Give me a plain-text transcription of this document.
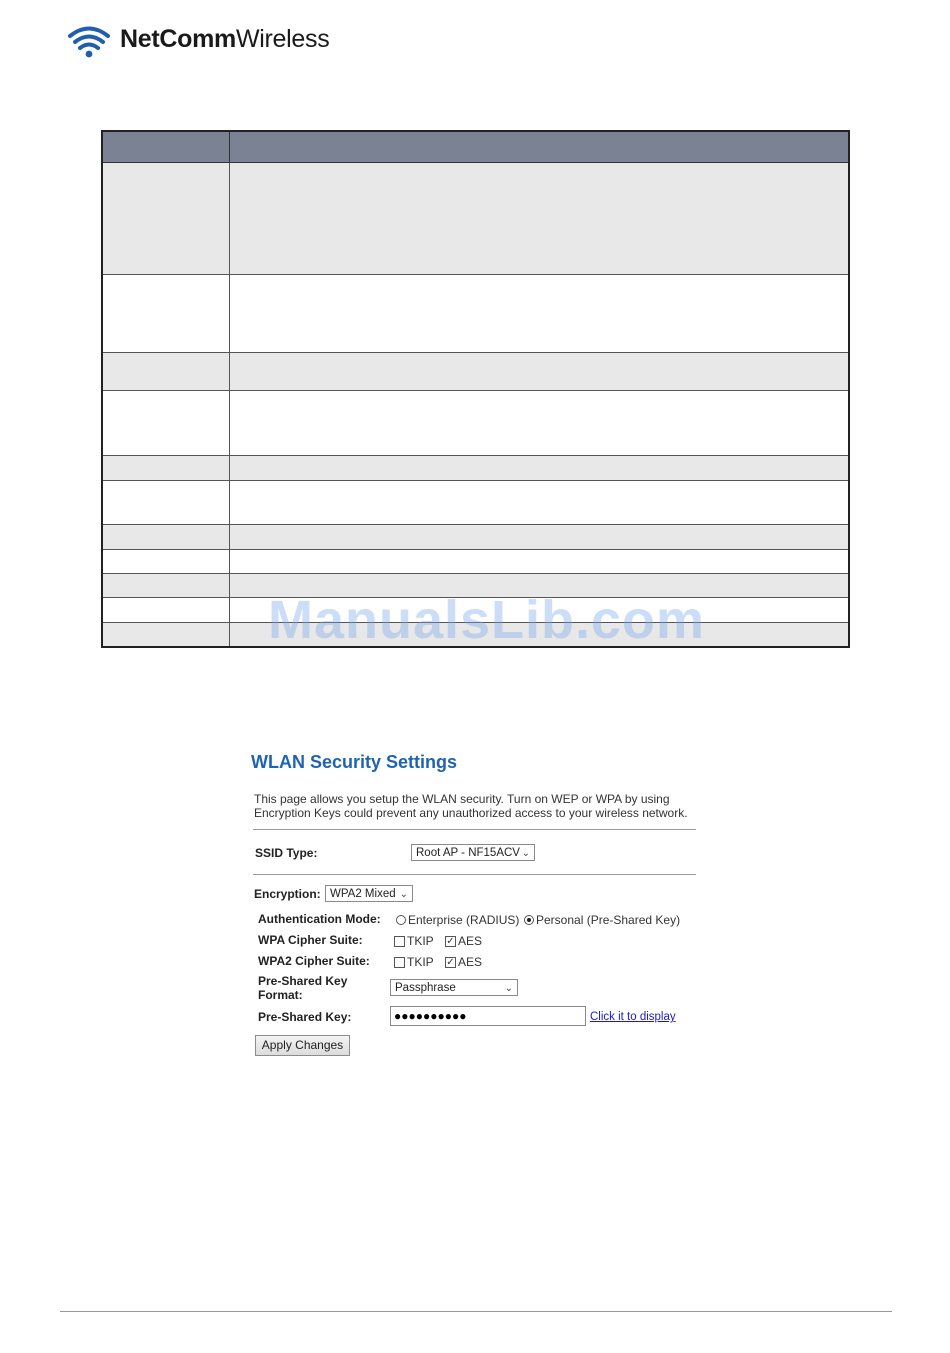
NetCommWireless

ManualsLib.com
WLAN Security Settings
This page allows you setup the WLAN security. Turn on WEP or WPA by using Encryption Keys could prevent any unauthorized access to your wireless network.
SSID Type:	Root AP - NF15ACV ⌄
Encryption: WPA2 Mixed ⌄
Authentication Mode: Enterprise (RADIUS) Personal (Pre-Shared Key)
WPA Cipher Suite:	TKIP ✓ AES
WPA2 Cipher Suite:	TKIP ✓ AES
Pre-Shared Key
Format:	Passphrase	⌄
Pre-Shared Key:	●●●●●●●●●●	Click it to display
Apply Changes
